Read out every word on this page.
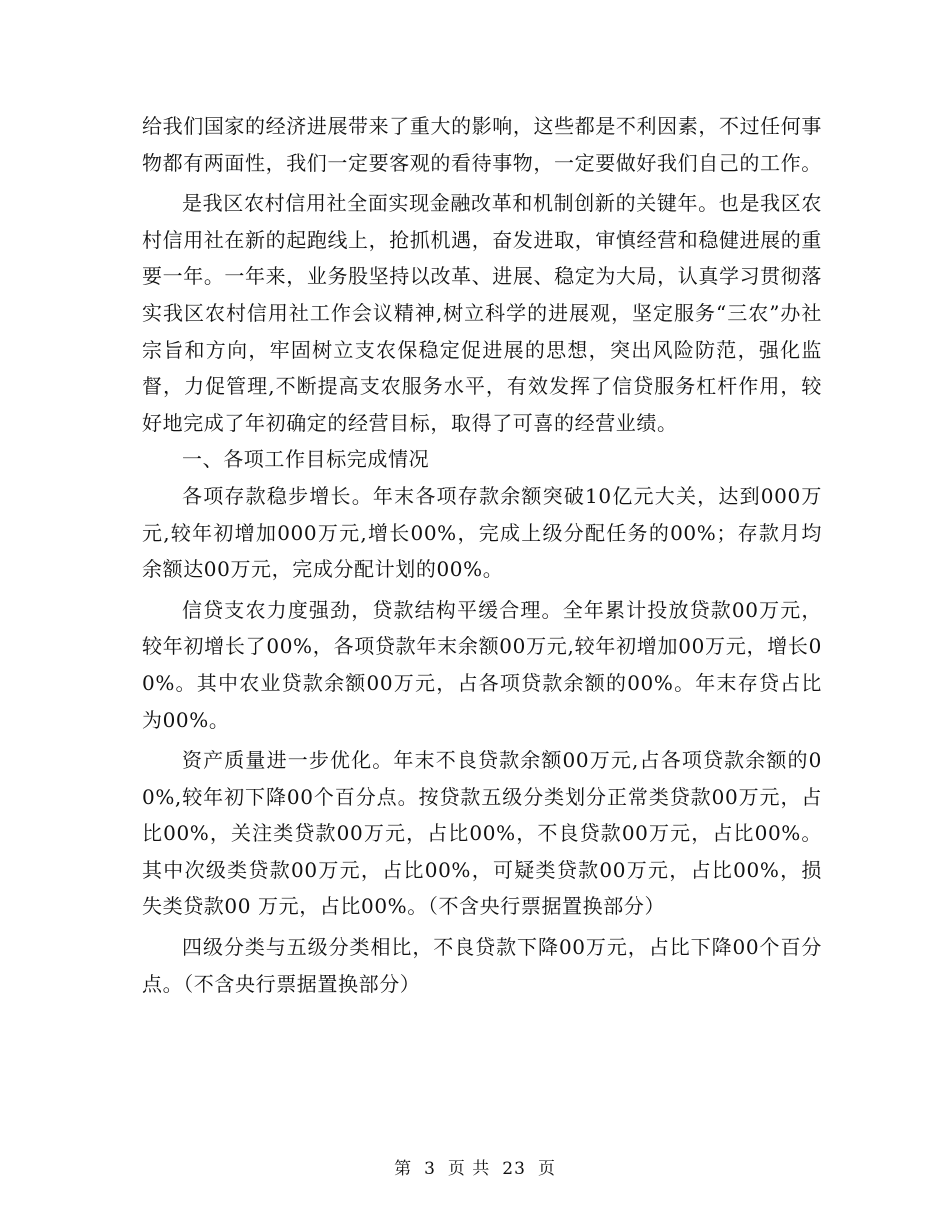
给我们国家的经济进展带来了重大的影响，这些都是不利因素，不过任何事物都有两面性，我们一定要客观的看待事物，一定要做好我们自己的工作。

是我区农村信用社全面实现金融改革和机制创新的关键年。也是我区农村信用社在新的起跑线上，抢抓机遇，奋发进取，审慎经营和稳健进展的重要一年。一年来，业务股坚持以改革、进展、稳定为大局，认真学习贯彻落实我区农村信用社工作会议精神,树立科学的进展观，坚定服务“三农”办社宗旨和方向，牢固树立支农保稳定促进展的思想，突出风险防范，强化监督，力促管理,不断提高支农服务水平，有效发挥了信贷服务杠杆作用，较好地完成了年初确定的经营目标，取得了可喜的经营业绩。

一、各项工作目标完成情况

各项存款稳步增长。年末各项存款余额突破10亿元大关，达到000万元,较年初增加000万元,增长00%，完成上级分配任务的00%；存款月均余额达00万元，完成分配计划的00%。

信贷支农力度强劲，贷款结构平缓合理。全年累计投放贷款00万元，较年初增长了00%，各项贷款年末余额00万元,较年初增加00万元，增长00%。其中农业贷款余额00万元，占各项贷款余额的00%。年末存贷占比为00%。

资产质量进一步优化。年末不良贷款余额00万元,占各项贷款余额的00%,较年初下降00个百分点。按贷款五级分类划分正常类贷款00万元，占比00%，关注类贷款00万元，占比00%，不良贷款00万元，占比00%。其中次级类贷款00万元，占比00%，可疑类贷款00万元，占比00%，损失类贷款00 万元，占比00%。（不含央行票据置换部分）

四级分类与五级分类相比，不良贷款下降00万元，占比下降00个百分点。（不含央行票据置换部分）

第 3 页 共 23 页
